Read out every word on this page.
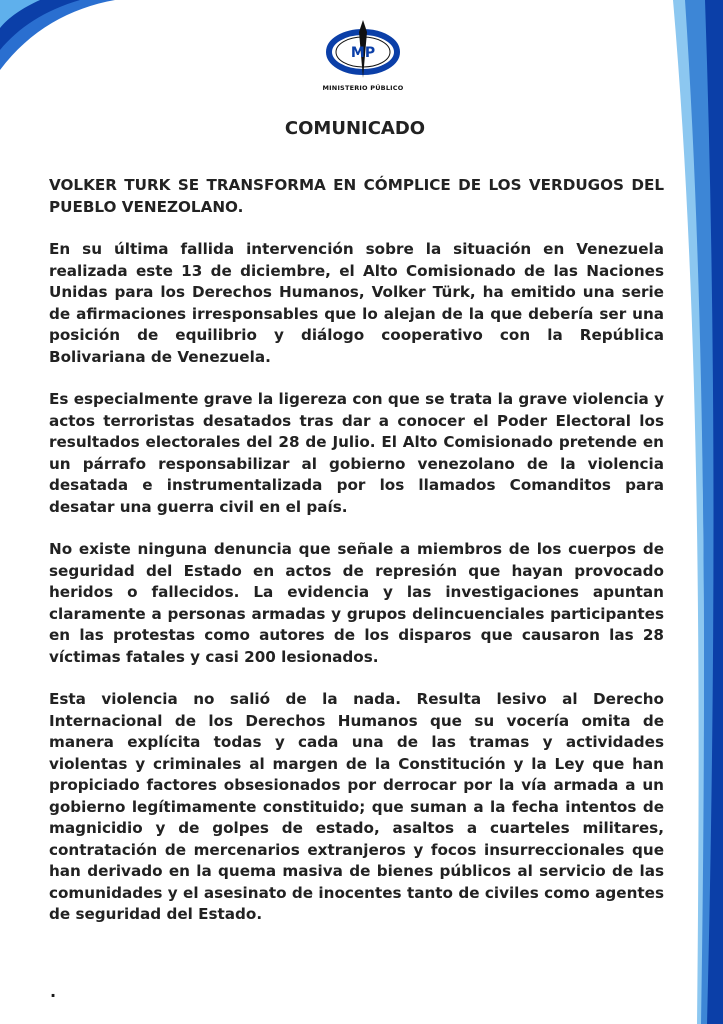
MP
MINISTERIO PÚBLICO
COMUNICADO

VOLKER TURK SE TRANSFORMA EN CÓMPLICE DE LOS VERDUGOS DEL PUEBLO VENEZOLANO.

En su última fallida intervención sobre la situación en Venezuela realizada este 13 de diciembre, el Alto Comisionado de las Naciones Unidas para los Derechos Humanos, Volker Türk, ha emitido una serie de afirmaciones irresponsables que lo alejan de la que debería ser una posición de equilibrio y diálogo cooperativo con la República Bolivariana de Venezuela.

Es especialmente grave la ligereza con que se trata la grave violencia y actos terroristas desatados tras dar a conocer el Poder Electoral los resultados electorales del 28 de Julio. El Alto Comisionado pretende en un párrafo responsabilizar al gobierno venezolano de la violencia desatada e instrumentalizada por los llamados Comanditos para desatar una guerra civil en el país.

No existe ninguna denuncia que señale a miembros de los cuerpos de seguridad del Estado en actos de represión que hayan provocado heridos o fallecidos. La evidencia y las investigaciones apuntan claramente a personas armadas y grupos delincuenciales participantes en las protestas como autores de los disparos que causaron las 28 víctimas fatales y casi 200 lesionados.

Esta violencia no salió de la nada. Resulta lesivo al Derecho Internacional de los Derechos Humanos que su vocería omita de manera explícita todas y cada una de las tramas y actividades violentas y criminales al margen de la Constitución y la Ley que han propiciado factores obsesionados por derrocar por la vía armada a un gobierno legítimamente constituido; que suman a la fecha intentos de magnicidio y de golpes de estado, asaltos a cuarteles militares, contratación de mercenarios extranjeros y focos insurreccionales que han derivado en la quema masiva de bienes públicos al servicio de las comunidades y el asesinato de inocentes tanto de civiles como agentes de seguridad del Estado.

.
